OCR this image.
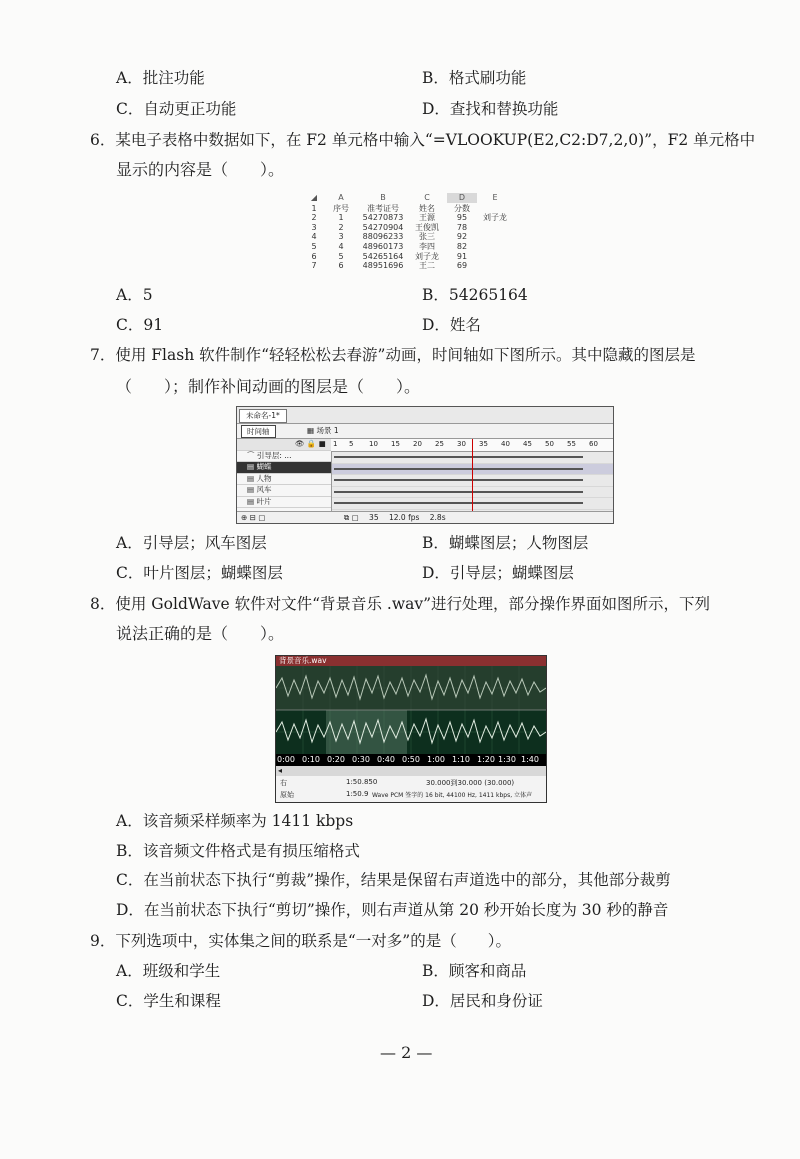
A．批注功能	B．格式刷功能
C．自动更正功能	D．查找和替换功能
6．某电子表格中数据如下，在 F2 单元格中输入“=VLOOKUP(E2,C2:D7,2,0)”，F2 单元格中
显示的内容是（　　）。
◢	A	B	C	D	E
1	序号	准考证号	姓名	分数
2	1	54270873	王源	95	刘子龙
3	2	54270904	王俊凯	78
4	3	88096233	张三	92
5	4	48960173	李四	82
6	5	54265164	刘子龙	91
7	6	48951696	王二	69
A．5	B．54265164
C．91	D．姓名
7．使用 Flash 软件制作“轻轻松松去春游”动画，时间轴如下图所示。其中隐藏的图层是
（　　）；制作补间动画的图层是（　　）。
未命名-1*
时间轴	▦ 场景 1
👁 🔒 ■
⌒ 引导层: ...
▤ 蝴蝶
▤ 人物
▤ 风车
▤ 叶片
1 5 10 15 20 25 30 35 40 45 50 55 60
⊕ ⊟ ▢	⧉ ▢ 35 12.0 fps 2.8s
A．引导层；风车图层	B．蝴蝶图层；人物图层
C．叶片图层；蝴蝶图层	D．引导层；蝴蝶图层
8．使用 GoldWave 软件对文件“背景音乐 .wav”进行处理，部分操作界面如图所示，下列
说法正确的是（　　）。
背景音乐.wav
0:00 0:10 0:20 0:30 0:40 0:50 1:00 1:10 1:20 1:30 1:40
◂
右	1:50.850	30.000到30.000 (30.000)
原始	1:50.9 Wave PCM 签字的 16 bit, 44100 Hz, 1411 kbps, 立体声
A．该音频采样频率为 1411 kbps
B．该音频文件格式是有损压缩格式
C．在当前状态下执行“剪裁”操作，结果是保留右声道选中的部分，其他部分裁剪
D．在当前状态下执行“剪切”操作，则右声道从第 20 秒开始长度为 30 秒的静音
9．下列选项中，实体集之间的联系是“一对多”的是（　　）。
A．班级和学生	B．顾客和商品
C．学生和课程	D．居民和身份证
— 2 —
